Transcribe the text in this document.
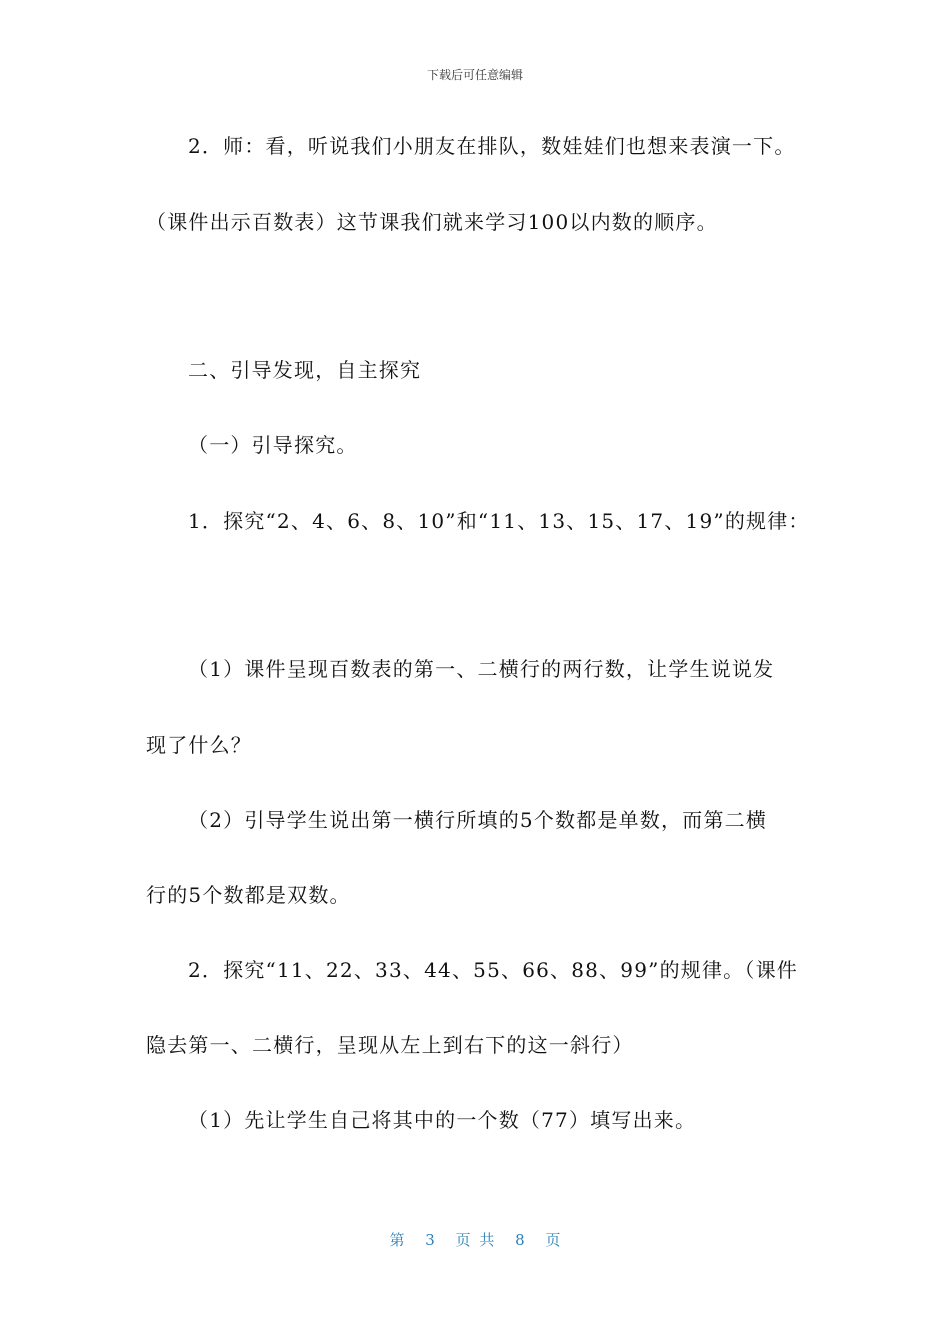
下载后可任意编辑
2．师：看，听说我们小朋友在排队，数娃娃们也想来表演一下。
（课件出示百数表）这节课我们就来学习100以内数的顺序。
二、引导发现，自主探究
（一）引导探究。
1．探究“2、4、6、8、10”和“11、13、15、17、19”的规律：
（1）课件呈现百数表的第一、二横行的两行数，让学生说说发
现了什么？
（2）引导学生说出第一横行所填的5个数都是单数，而第二横
行的5个数都是双数。
2．探究“11、22、33、44、55、66、88、99”的规律。（课件
隐去第一、二横行，呈现从左上到右下的这一斜行）
（1）先让学生自己将其中的一个数（77）填写出来。
第 3 页 共 8 页
